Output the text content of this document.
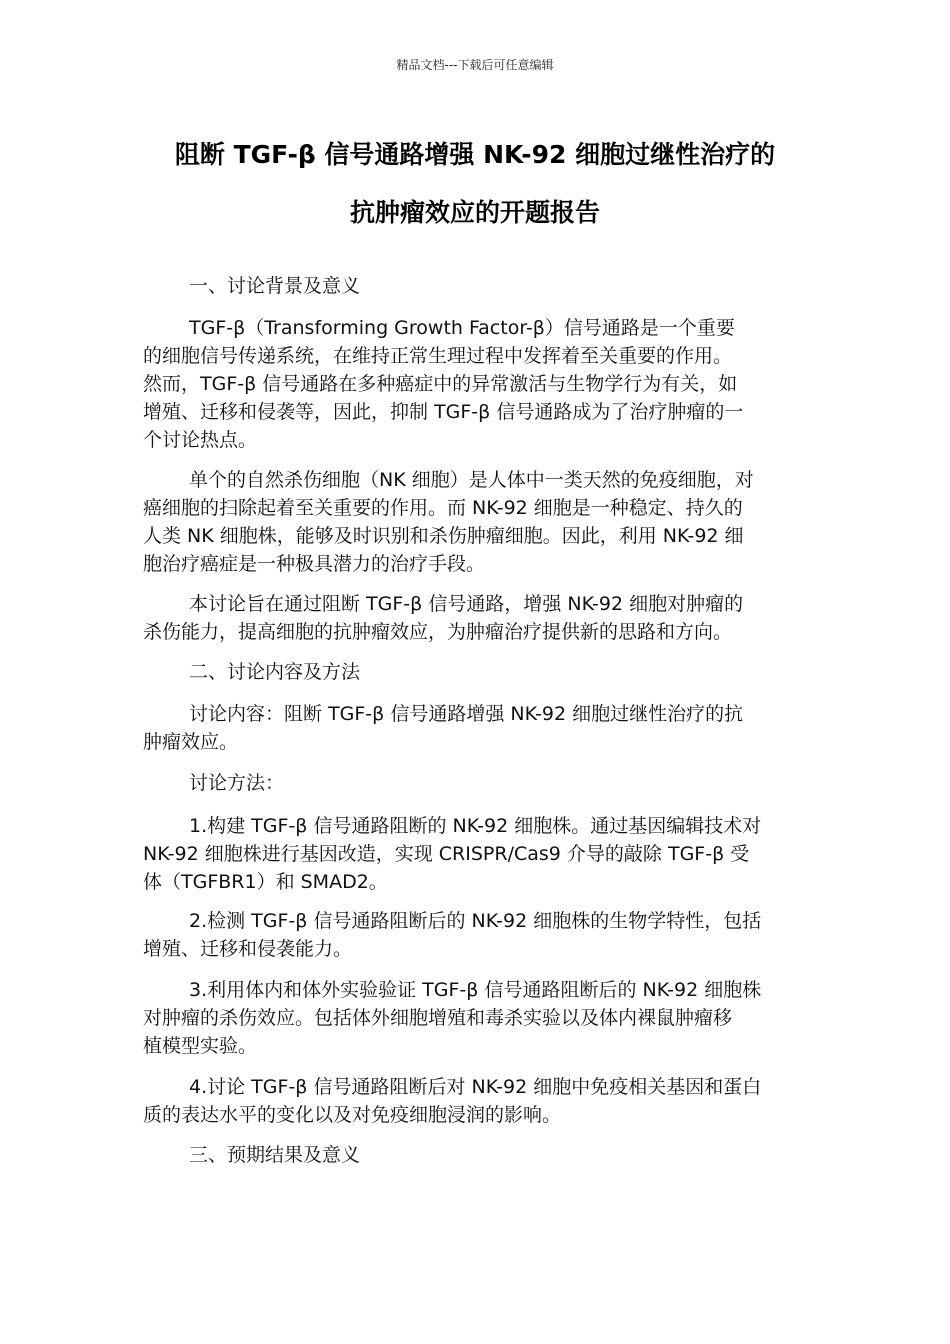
精品文档---下载后可任意编辑
阻断 TGF-β 信号通路增强 NK-92 细胞过继性治疗的
抗肿瘤效应的开题报告
一、讨论背景及意义
TGF-β（Transforming Growth Factor-β）信号通路是一个重要
的细胞信号传递系统，在维持正常生理过程中发挥着至关重要的作用。
然而，TGF-β 信号通路在多种癌症中的异常激活与生物学行为有关，如
增殖、迁移和侵袭等，因此，抑制 TGF-β 信号通路成为了治疗肿瘤的一
个讨论热点。
单个的自然杀伤细胞（NK 细胞）是人体中一类天然的免疫细胞，对
癌细胞的扫除起着至关重要的作用。而 NK-92 细胞是一种稳定、持久的
人类 NK 细胞株，能够及时识别和杀伤肿瘤细胞。因此，利用 NK-92 细
胞治疗癌症是一种极具潜力的治疗手段。
本讨论旨在通过阻断 TGF-β 信号通路，增强 NK-92 细胞对肿瘤的
杀伤能力，提高细胞的抗肿瘤效应，为肿瘤治疗提供新的思路和方向。
二、讨论内容及方法
讨论内容：阻断 TGF-β 信号通路增强 NK-92 细胞过继性治疗的抗
肿瘤效应。
讨论方法：
1.构建 TGF-β 信号通路阻断的 NK-92 细胞株。通过基因编辑技术对
NK-92 细胞株进行基因改造，实现 CRISPR/Cas9 介导的敲除 TGF-β 受
体（TGFBR1）和 SMAD2。
2.检测 TGF-β 信号通路阻断后的 NK-92 细胞株的生物学特性，包括
增殖、迁移和侵袭能力。
3.利用体内和体外实验验证 TGF-β 信号通路阻断后的 NK-92 细胞株
对肿瘤的杀伤效应。包括体外细胞增殖和毒杀实验以及体内裸鼠肿瘤移
植模型实验。
4.讨论 TGF-β 信号通路阻断后对 NK-92 细胞中免疫相关基因和蛋白
质的表达水平的变化以及对免疫细胞浸润的影响。
三、预期结果及意义
